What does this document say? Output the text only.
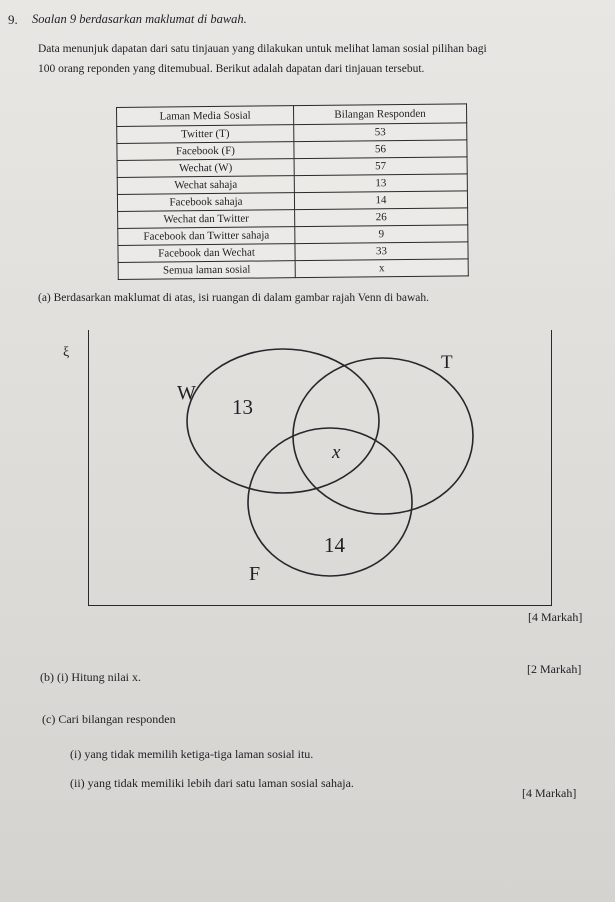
9. Soalan 9 berdasarkan maklumat di bawah.
Data menunjuk dapatan dari satu tinjauan yang dilakukan untuk melihat laman sosial pilihan bagi
100 orang reponden yang ditemubual. Berikut adalah dapatan dari tinjauan tersebut.
Laman Media Sosial	Bilangan Responden
Twitter (T)	53
Facebook (F)	56
Wechat (W)	57
Wechat sahaja	13
Facebook sahaja	14
Wechat dan Twitter	26
Facebook dan Twitter sahaja	9
Facebook dan Wechat	33
Semua laman sosial	x
(a) Berdasarkan maklumat di atas, isi ruangan di dalam gambar rajah Venn di bawah.
ξ
W
T
F
13
x
14
[4 Markah]
(b) (i) Hitung nilai x.
[2 Markah]
(c) Cari bilangan responden
(i) yang tidak memilih ketiga-tiga laman sosial itu.
(ii) yang tidak memiliki lebih dari satu laman sosial sahaja.
[4 Markah]
